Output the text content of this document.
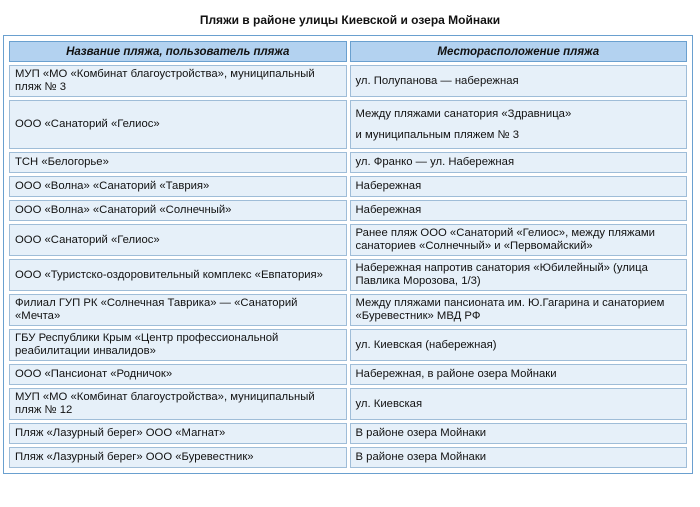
Пляжи в районе улицы Киевской и озера Мойнаки
Название пляжа, пользователь пляжа	Месторасположение пляжа
МУП «МО «Комбинат благоустройства», муниципальный пляж № 3	ул. Полупанова — набережная
ООО «Санаторий «Гелиос»	Между пляжами санатория «Здравница»
и муниципальным пляжем № 3

ТСН «Белогорье»	ул. Франко — ул. Набережная
ООО «Волна» «Санаторий «Таврия»	Набережная
ООО «Волна» «Санаторий «Солнечный»	Набережная
ООО «Санаторий «Гелиос»	Ранее пляж ООО «Санаторий «Гелиос», между пляжами санаториев «Солнечный» и «Первомайский»
ООО «Туристско-оздоровительный комплекс «Евпатория»	Набережная напротив санатория «Юбилейный» (улица Павлика Морозова, 1/3)
Филиал ГУП РК «Солнечная Таврика» — «Санаторий «Мечта»	Между пляжами пансионата им. Ю.Гагарина и санаторием «Буревестник» МВД РФ
ГБУ Республики Крым «Центр профессиональной реабилитации инвалидов»	ул. Киевская (набережная)
ООО «Пансионат «Родничок»	Набережная, в районе озера Мойнаки
МУП «МО «Комбинат благоустройства», муниципальный пляж № 12	ул. Киевская
Пляж «Лазурный берег» ООО «Магнат»	В районе озера Мойнаки
Пляж «Лазурный берег» ООО «Буревестник»	В районе озера Мойнаки
